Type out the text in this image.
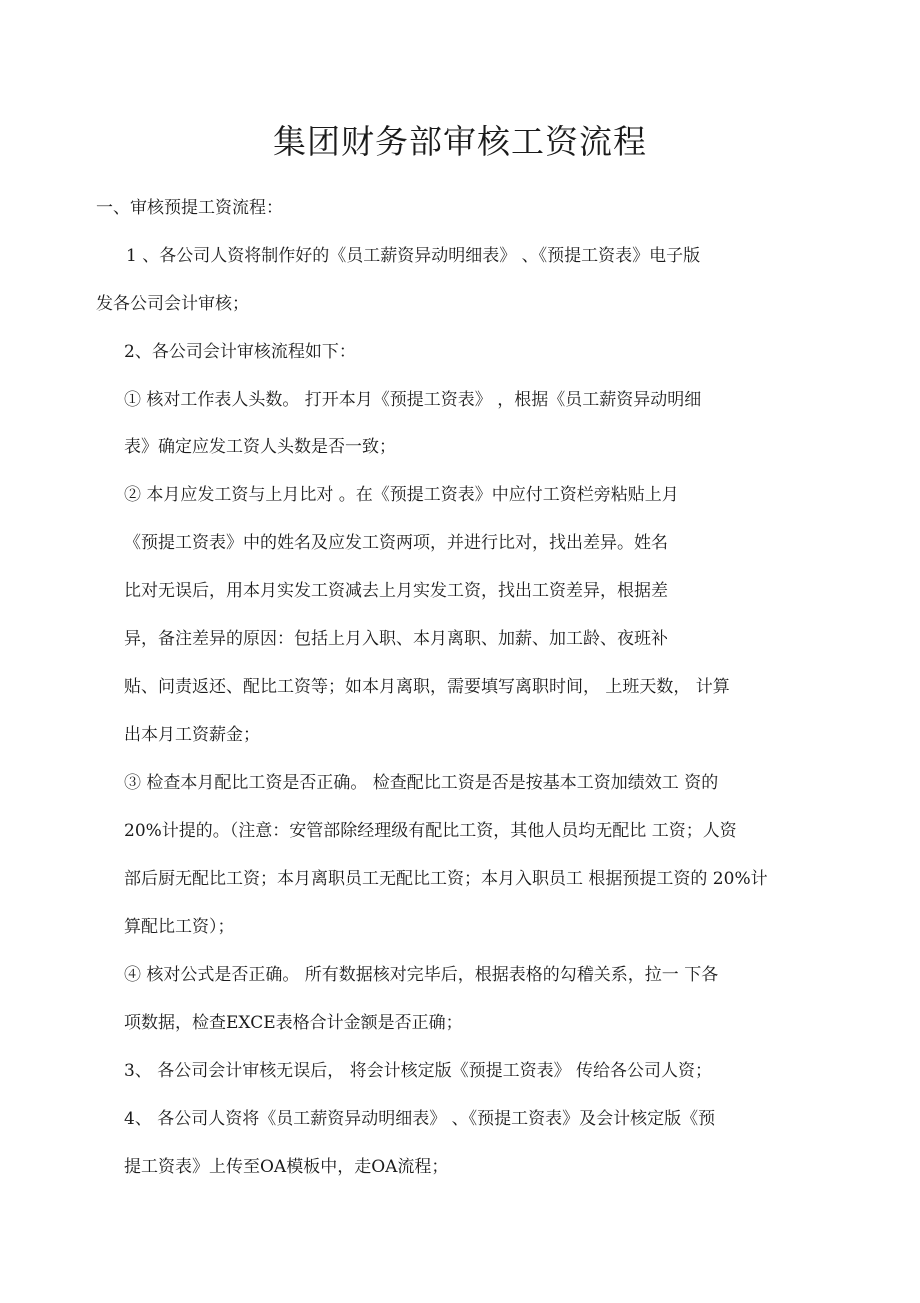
集团财务部审核工资流程
一、审核预提工资流程：
1 、各公司人资将制作好的《员工薪资异动明细表》 、《预提工资表》电子版
发各公司会计审核；
2、各公司会计审核流程如下：
① 核对工作表人头数。 打开本月《预提工资表》 ，根据《员工薪资异动明细
表》确定应发工资人头数是否一致；
② 本月应发工资与上月比对 。在《预提工资表》中应付工资栏旁粘贴上月
《预提工资表》中的姓名及应发工资两项，并进行比对，找出差异。姓名
比对无误后，用本月实发工资减去上月实发工资，找出工资差异，根据差
异，备注差异的原因：包括上月入职、本月离职、加薪、加工龄、夜班补
贴、问责返还、配比工资等；如本月离职，需要填写离职时间， 上班天数， 计算
出本月工资薪金；
③ 检查本月配比工资是否正确。 检查配比工资是否是按基本工资加绩效工 资的
20%计提的。（注意：安管部除经理级有配比工资，其他人员均无配比 工资；人资
部后厨无配比工资；本月离职员工无配比工资；本月入职员工 根据预提工资的 20%计
算配比工资）；
④ 核对公式是否正确。 所有数据核对完毕后，根据表格的勾稽关系，拉一 下各
项数据，检查EXCE表格合计金额是否正确；
3、 各公司会计审核无误后， 将会计核定版《预提工资表》 传给各公司人资；
4、 各公司人资将《员工薪资异动明细表》 、《预提工资表》及会计核定版《预
提工资表》上传至OA模板中，走OA流程；
